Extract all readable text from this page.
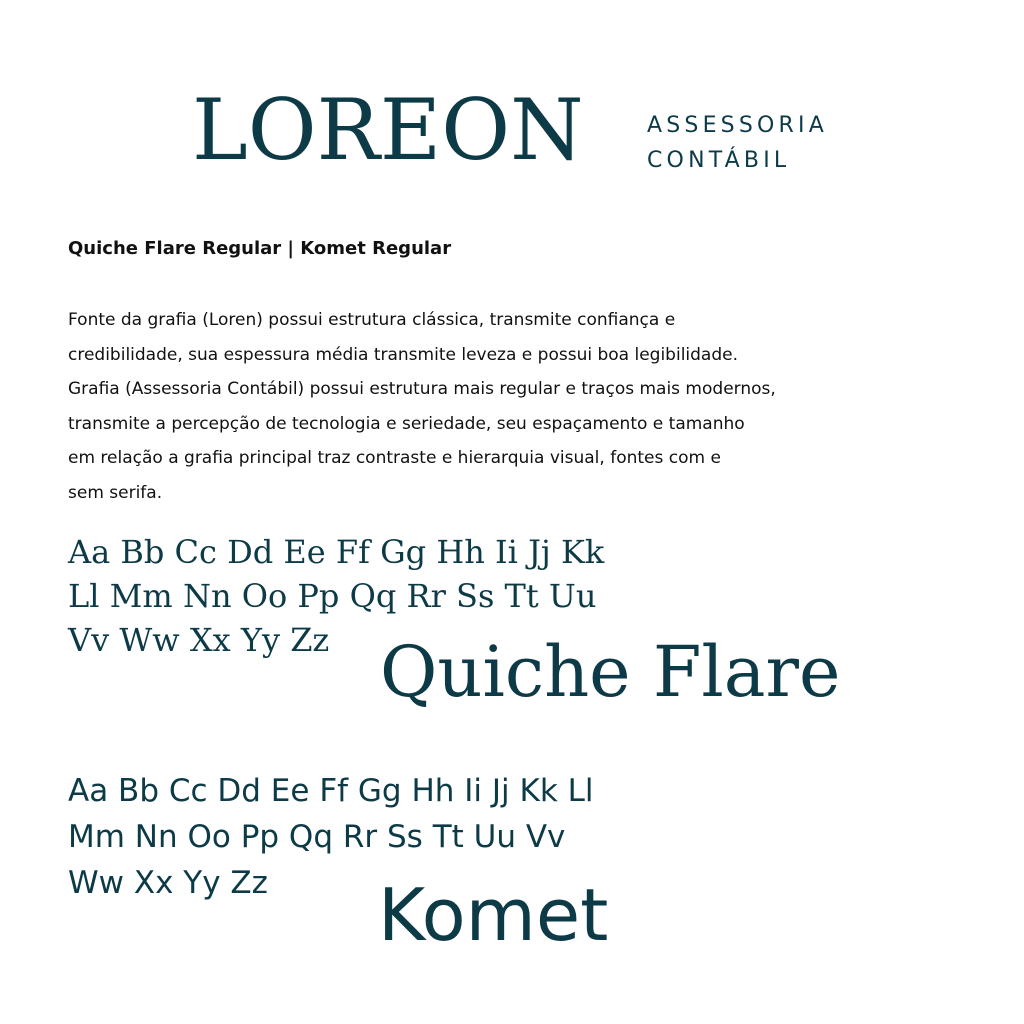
LOREON	ASSESSORIA
CONTÁBIL
Quiche Flare Regular | Komet Regular
Fonte da grafia (Loren) possui estrutura clássica, transmite confiança e
credibilidade, sua espessura média transmite leveza e possui boa legibilidade.
Grafia (Assessoria Contábil) possui estrutura mais regular e traços mais modernos,
transmite a percepção de tecnologia e seriedade, seu espaçamento e tamanho
em relação a grafia principal traz contraste e hierarquia visual, fontes com e
sem serifa.
Aa Bb Cc Dd Ee Ff Gg Hh Ii Jj Kk
Ll Mm Nn Oo Pp Qq Rr Ss Tt Uu
Vv Ww Xx Yy Zz Quiche Flare
Aa Bb Cc Dd Ee Ff Gg Hh Ii Jj Kk Ll
Mm Nn Oo Pp Qq Rr Ss Tt Uu Vv
Ww Xx Yy Zz	Komet
